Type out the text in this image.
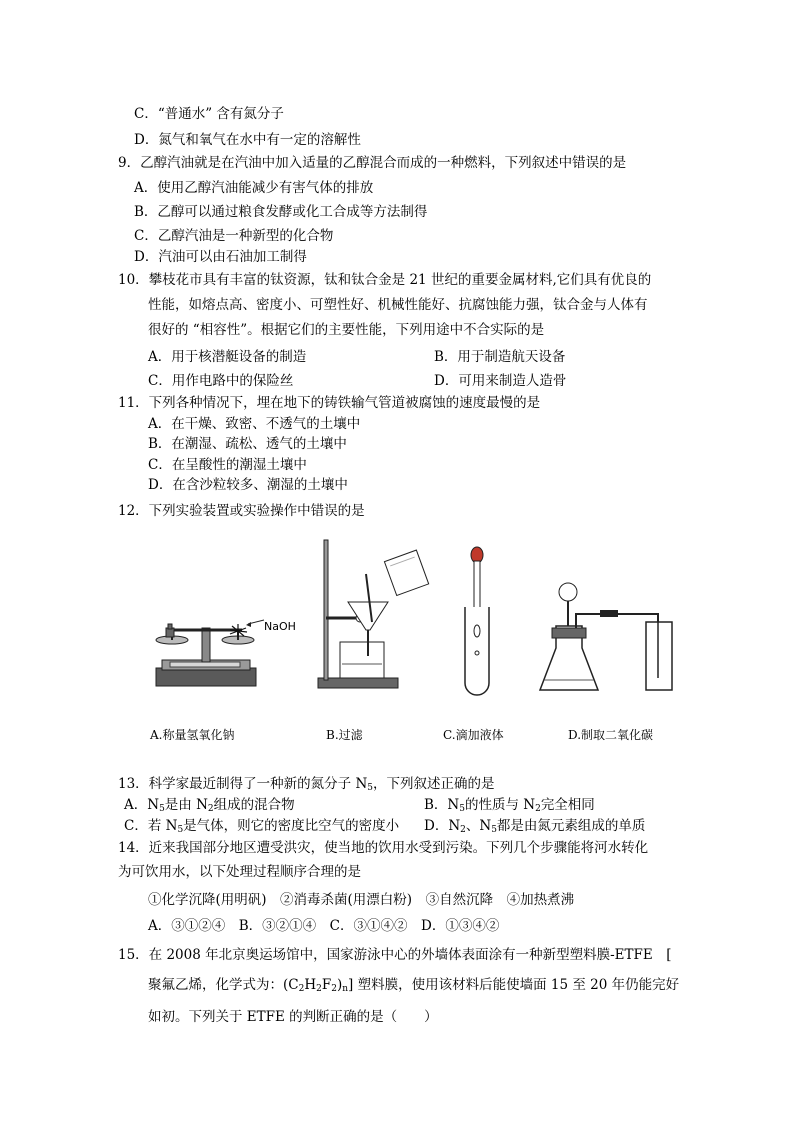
C．“普通水” 含有氮分子
D．氮气和氧气在水中有一定的溶解性
9．乙醇汽油就是在汽油中加入适量的乙醇混合而成的一种燃料，下列叙述中错误的是
A．使用乙醇汽油能减少有害气体的排放
B．乙醇可以通过粮食发酵或化工合成等方法制得
C．乙醇汽油是一种新型的化合物
D．汽油可以由石油加工制得
10．攀枝花市具有丰富的钛资源，钛和钛合金是 21 世纪的重要金属材料,它们具有优良的
性能，如熔点高、密度小、可塑性好、机械性能好、抗腐蚀能力强，钛合金与人体有
很好的 “相容性”。根据它们的主要性能，下列用途中不合实际的是
A．用于核潜艇设备的制造	B．用于制造航天设备
C．用作电路中的保险丝	D．可用来制造人造骨
11．下列各种情况下，埋在地下的铸铁输气管道被腐蚀的速度最慢的是
A．在干燥、致密、不透气的土壤中
B．在潮湿、疏松、透气的土壤中
C．在呈酸性的潮湿土壤中
D．在含沙粒较多、潮湿的土壤中
12．下列实验装置或实验操作中错误的是
NaOH
A.称量氢氧化钠	B.过滤	C.滴加液体	D.制取二氧化碳
13．科学家最近制得了一种新的氮分子 $N_5$，下列叙述正确的是
A．$N_5$是由 $N_2$组成的混合物	B．$N_5$的性质与 $N_2$完全相同
C．若 $N_5$是气体，则它的密度比空气的密度小 D．$N_2$、$N_5$都是由氮元素组成的单质
14．近来我国部分地区遭受洪灾，使当地的饮用水受到污染。下列几个步骤能将河水转化
为可饮用水，以下处理过程顺序合理的是
①化学沉降(用明矾)　②消毒杀菌(用漂白粉)　③自然沉降　④加热煮沸
A．③①②④　B．③②①④　C．③①④②　D．①③④②
15．在 2008 年北京奥运场馆中，国家游泳中心的外墙体表面涂有一种新型塑料膜-ETFE　[
聚氟乙烯，化学式为：$(C_2H_2F_2)_n$] 塑料膜，使用该材料后能使墙面 15 至 20 年仍能完好
如初。下列关于 ETFE 的判断正确的是（　　）
